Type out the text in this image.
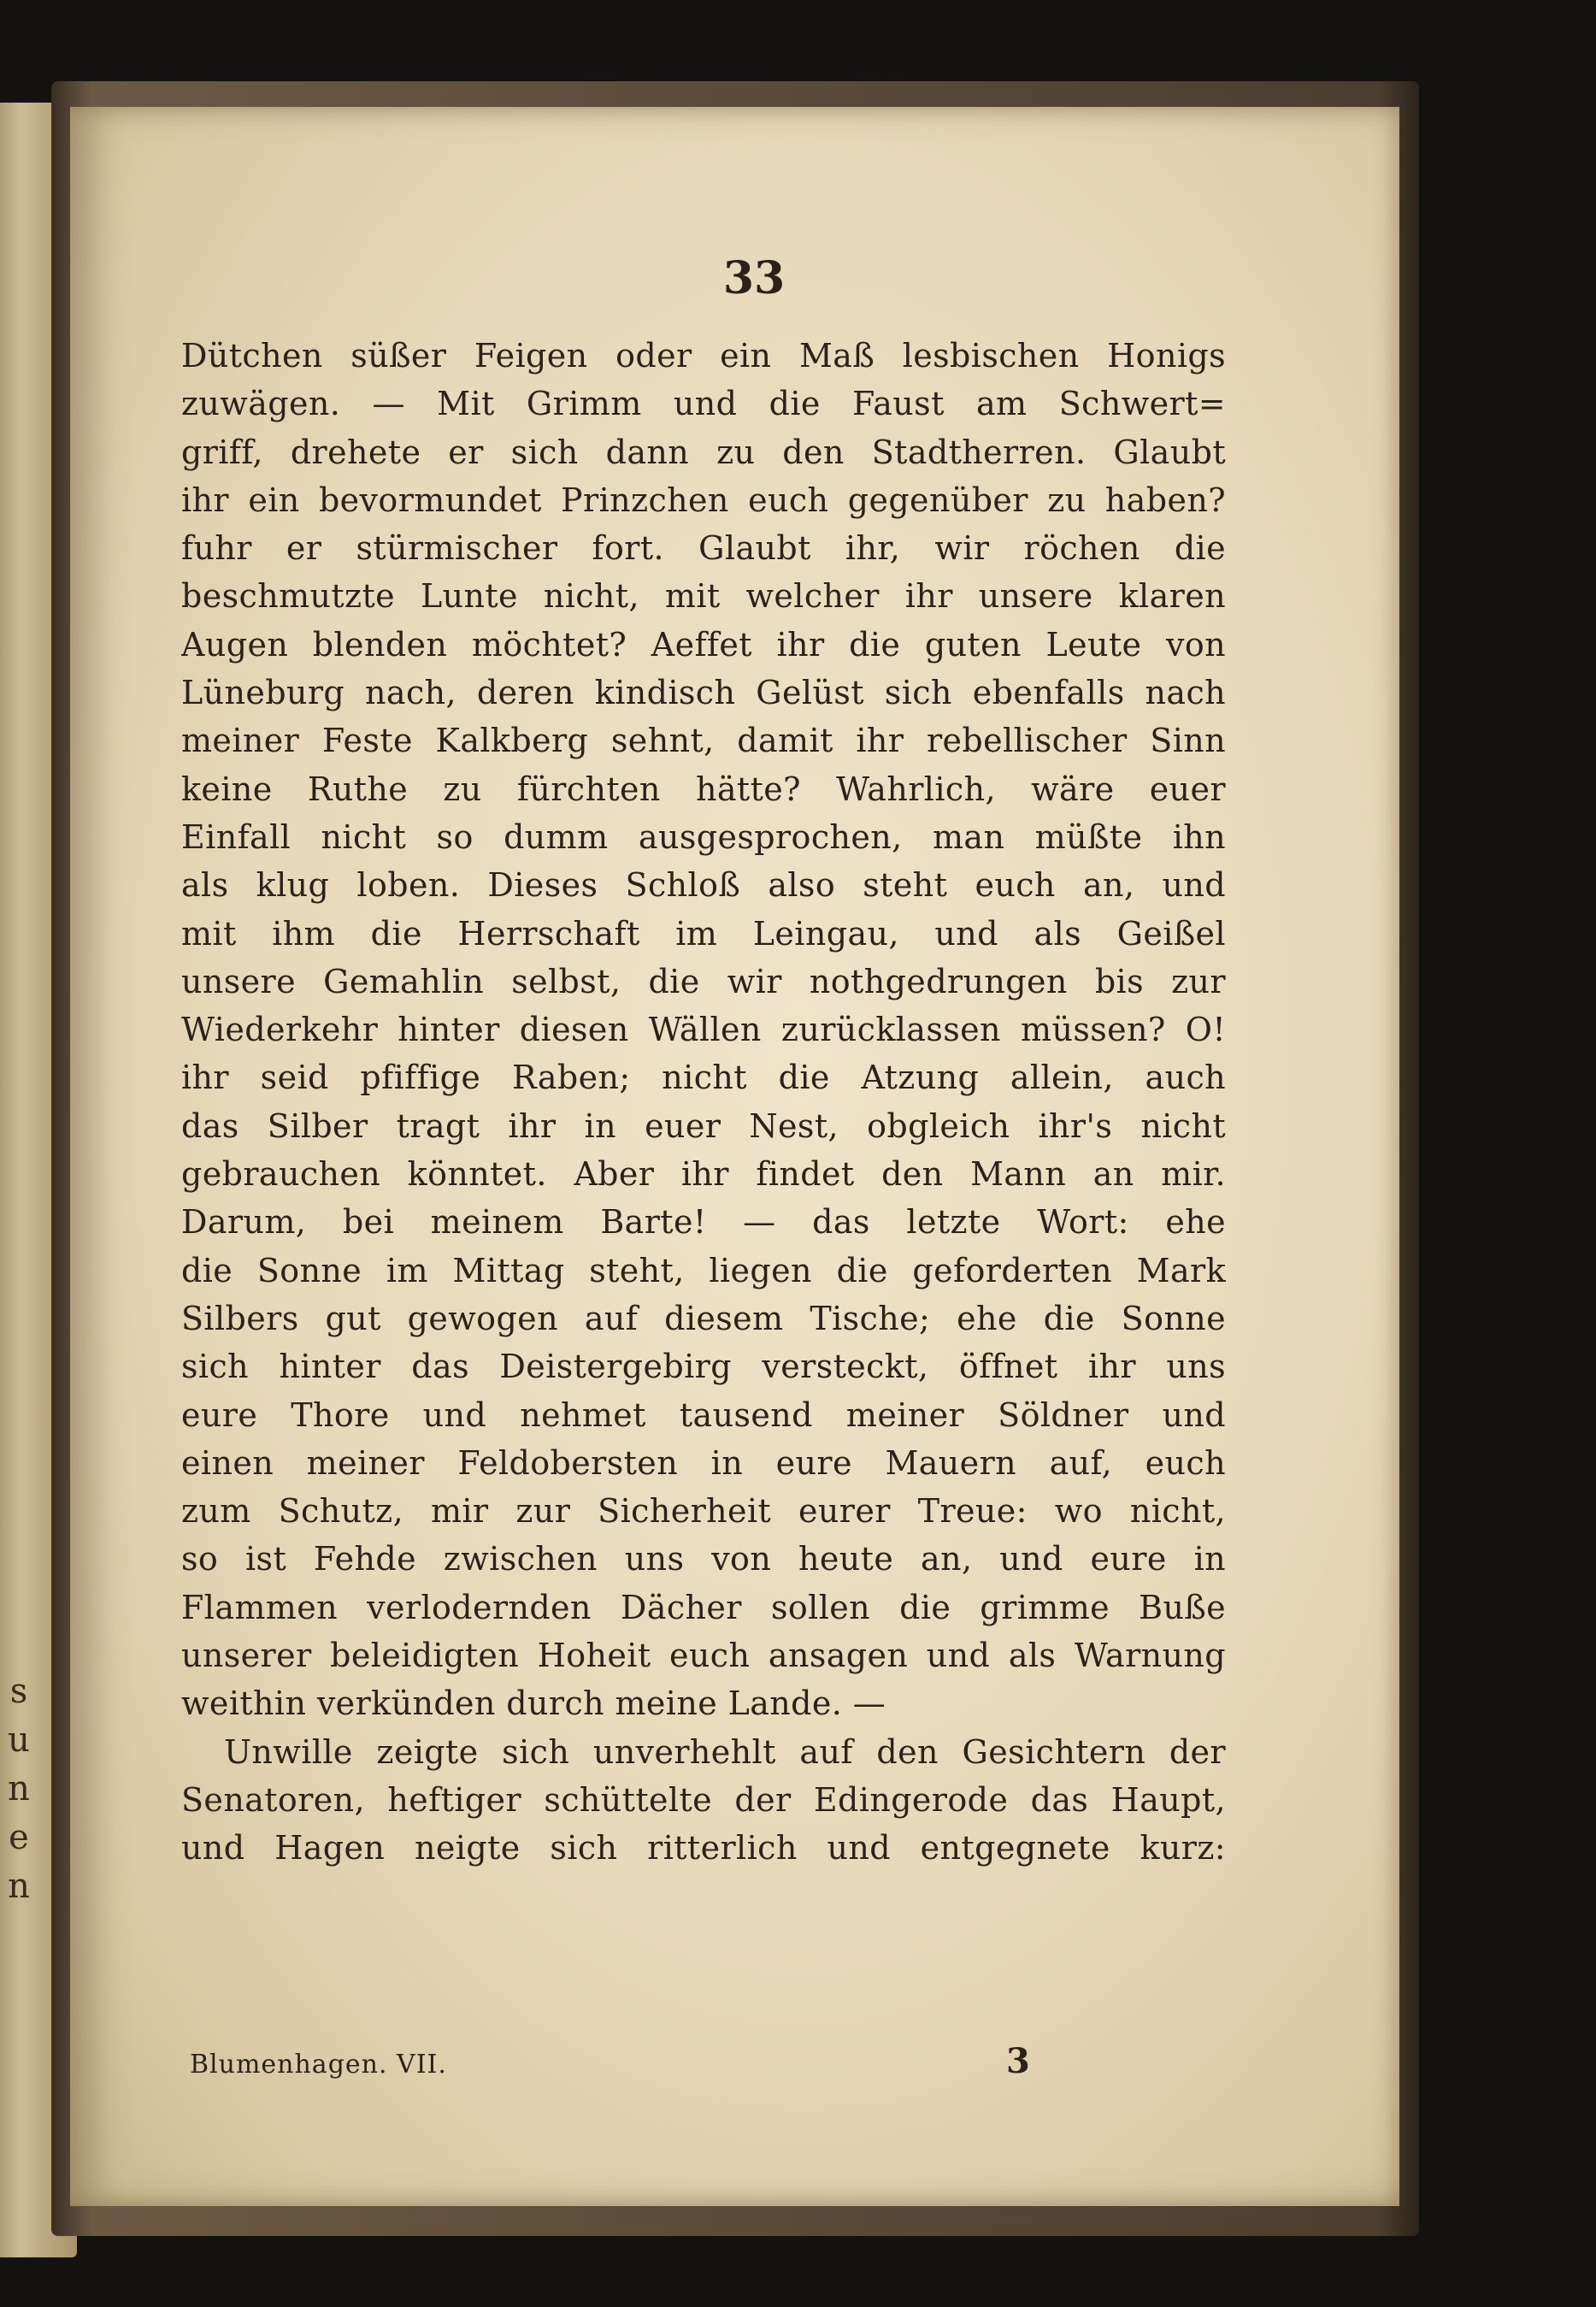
s
u
n
e
n
33
Dütchen süßer Feigen oder ein Maß lesbischen Honigs
zuwägen. — Mit Grimm und die Faust am Schwert=
griff, drehete er sich dann zu den Stadtherren. Glaubt
ihr ein bevormundet Prinzchen euch gegenüber zu haben?
fuhr er stürmischer fort. Glaubt ihr, wir röchen die
beschmutzte Lunte nicht, mit welcher ihr unsere klaren
Augen blenden möchtet? Aeffet ihr die guten Leute von
Lüneburg nach, deren kindisch Gelüst sich ebenfalls nach
meiner Feste Kalkberg sehnt, damit ihr rebellischer Sinn
keine Ruthe zu fürchten hätte? Wahrlich, wäre euer
Einfall nicht so dumm ausgesprochen, man müßte ihn
als klug loben. Dieses Schloß also steht euch an, und
mit ihm die Herrschaft im Leingau, und als Geißel
unsere Gemahlin selbst, die wir nothgedrungen bis zur
Wiederkehr hinter diesen Wällen zurücklassen müssen? O!
ihr seid pfiffige Raben; nicht die Atzung allein, auch
das Silber tragt ihr in euer Nest, obgleich ihr's nicht
gebrauchen könntet. Aber ihr findet den Mann an mir.
Darum, bei meinem Barte! — das letzte Wort: ehe
die Sonne im Mittag steht, liegen die geforderten Mark
Silbers gut gewogen auf diesem Tische; ehe die Sonne
sich hinter das Deistergebirg versteckt, öffnet ihr uns
eure Thore und nehmet tausend meiner Söldner und
einen meiner Feldobersten in eure Mauern auf, euch
zum Schutz, mir zur Sicherheit eurer Treue: wo nicht,
so ist Fehde zwischen uns von heute an, und eure in
Flammen verlodernden Dächer sollen die grimme Buße
unserer beleidigten Hoheit euch ansagen und als Warnung
weithin verkünden durch meine Lande. —
Unwille zeigte sich unverhehlt auf den Gesichtern der
Senatoren, heftiger schüttelte der Edingerode das Haupt,
und Hagen neigte sich ritterlich und entgegnete kurz:
Blumenhagen. VII.	3
